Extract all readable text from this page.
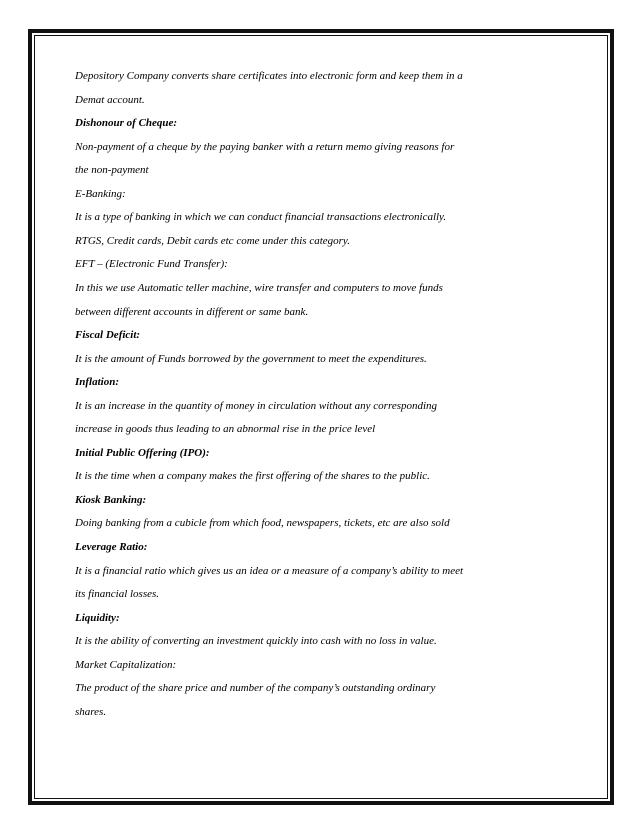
Depository Company converts share certificates into electronic form and keep them in a
Demat account.
Dishonour of Cheque:
Non-payment of a cheque by the paying banker with a return memo giving reasons for
the non-payment
E-Banking:
It is a type of banking in which we can conduct financial transactions electronically.
RTGS, Credit cards, Debit cards etc come under this category.
EFT – (Electronic Fund Transfer):
In this we use Automatic teller machine, wire transfer and computers to move funds
between different accounts in different or same bank.
Fiscal Deficit:
It is the amount of Funds borrowed by the government to meet the expenditures.
Inflation:
It is an increase in the quantity of money in circulation without any corresponding
increase in goods thus leading to an abnormal rise in the price level
Initial Public Offering (IPO):
It is the time when a company makes the first offering of the shares to the public.
Kiosk Banking:
Doing banking from a cubicle from which food, newspapers, tickets, etc are also sold
Leverage Ratio:
It is a financial ratio which gives us an idea or a measure of a company’s ability to meet
its financial losses.
Liquidity:
It is the ability of converting an investment quickly into cash with no loss in value.
Market Capitalization:
The product of the share price and number of the company’s outstanding ordinary
shares.
